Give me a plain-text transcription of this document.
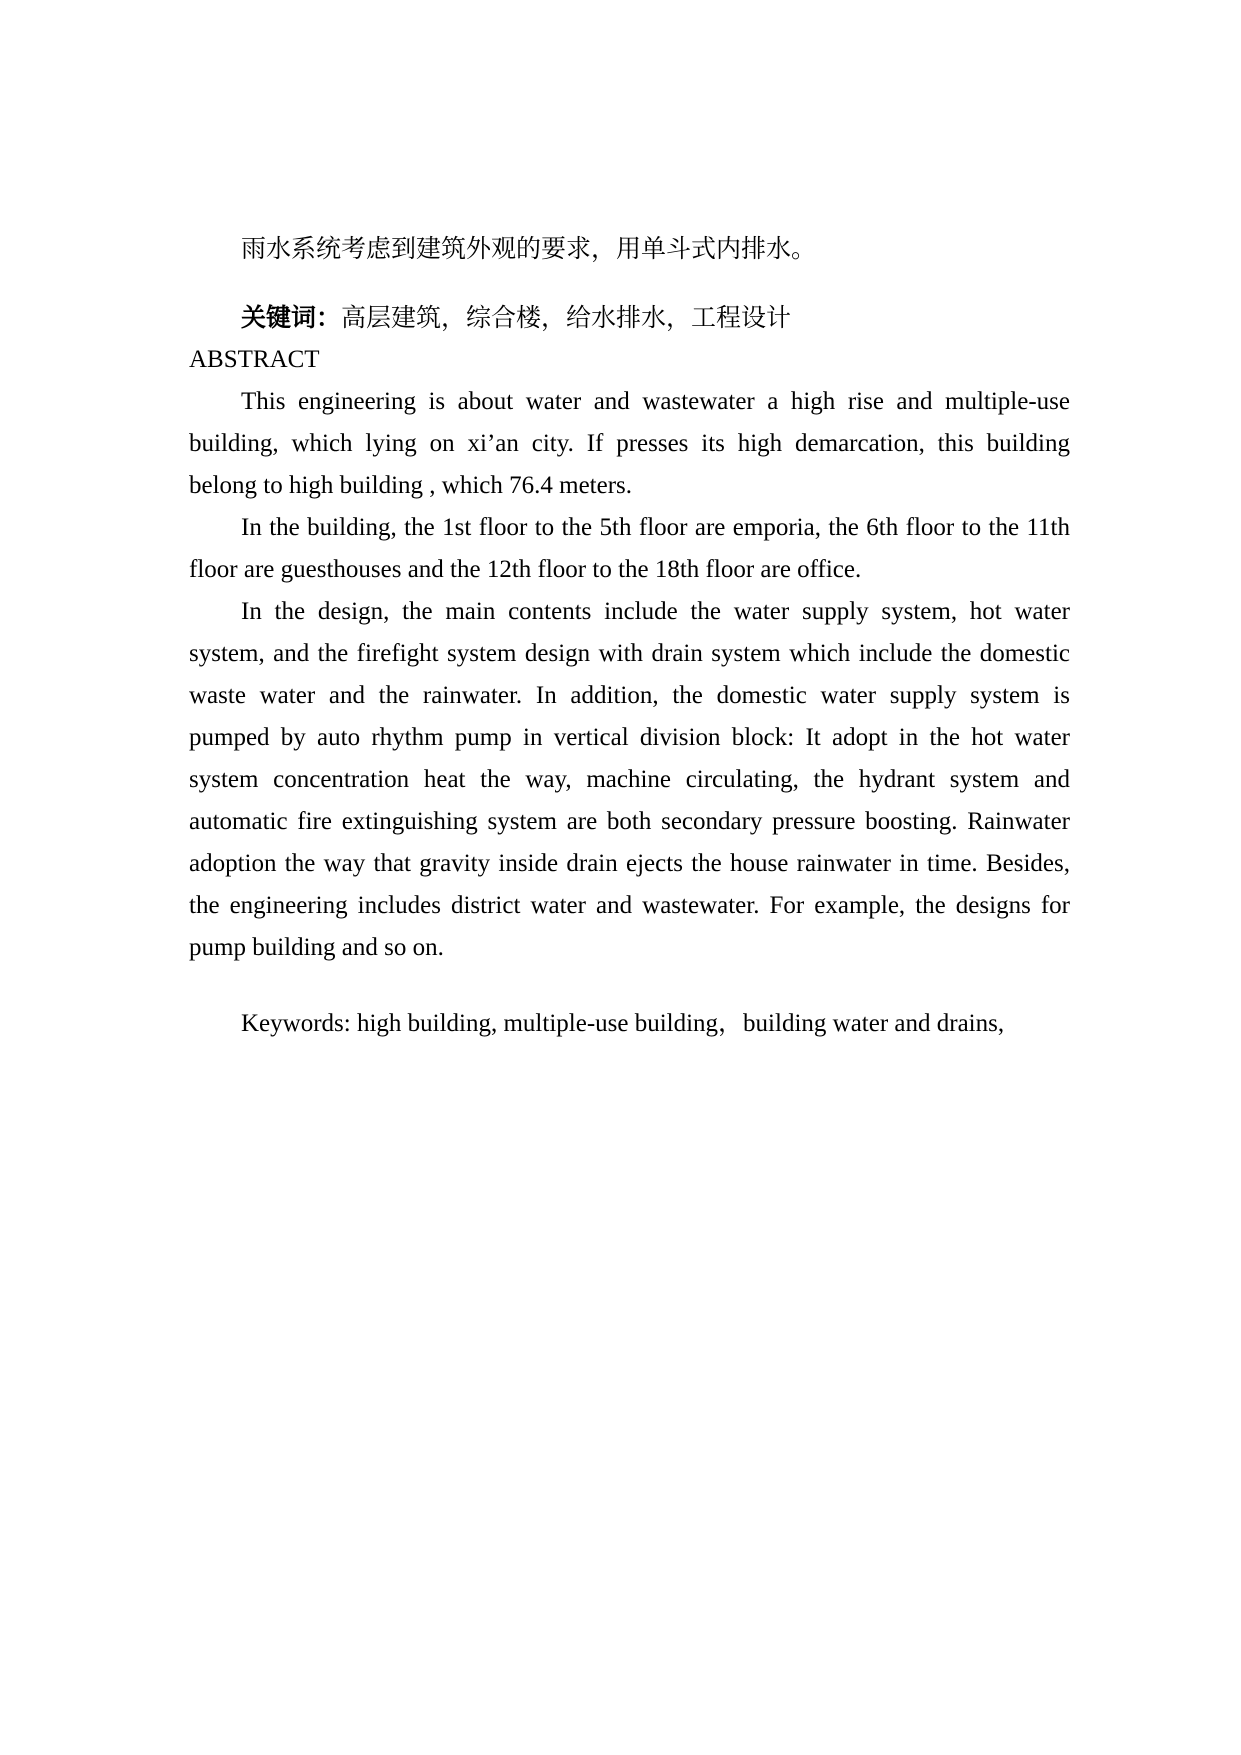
雨水系统考虑到建筑外观的要求，用单斗式内排水。
关键词：高层建筑，综合楼，给水排水，工程设计
ABSTRACT
This engineering is about water and wastewater a high rise and multiple-use
building, which lying on xi’an city. If presses its high demarcation, this building
belong to high building , which 76.4 meters.
In the building, the 1st floor to the 5th floor are emporia, the 6th floor to the 11th
floor are guesthouses and the 12th floor to the 18th floor are office.
In the design, the main contents include the water supply system, hot water
system, and the firefight system design with drain system which include the domestic
waste water and the rainwater. In addition, the domestic water supply system is
pumped by auto rhythm pump in vertical division block: It adopt in the hot water
system concentration heat the way, machine circulating, the hydrant system and
automatic fire extinguishing system are both secondary pressure boosting. Rainwater
adoption the way that gravity inside drain ejects the house rainwater in time. Besides,
the engineering includes district water and wastewater. For example, the designs for
pump building and so on.
Keywords: high building, multiple-use building，building water and drains,
